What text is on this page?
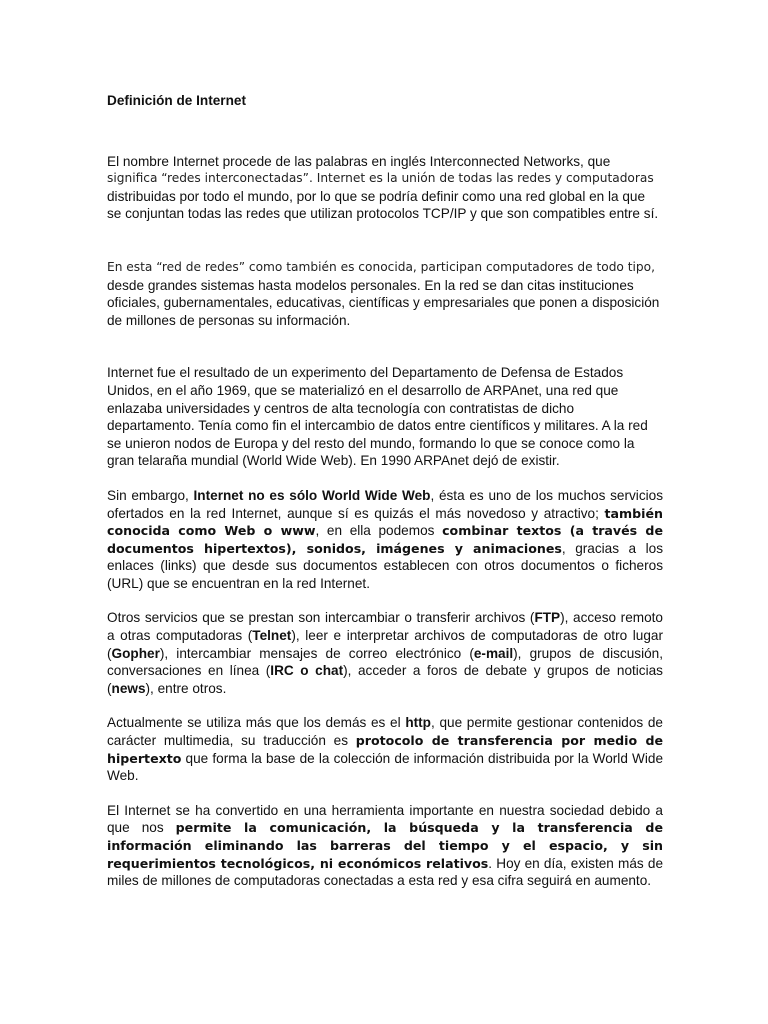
Definición de Internet

El nombre Internet procede de las palabras en inglés Interconnected Networks, que
significa “redes interconectadas”. Internet es la unión de todas las redes y computadoras
distribuidas por todo el mundo, por lo que se podría definir como una red global en la que se conjuntan todas las redes que utilizan protocolos TCP/IP y que son compatibles entre sí.

En esta “red de redes” como también es conocida, participan computadores de todo tipo,
desde grandes sistemas hasta modelos personales. En la red se dan citas instituciones oficiales, gubernamentales, educativas, científicas y empresariales que ponen a disposición de millones de personas su información.

Internet fue el resultado de un experimento del Departamento de Defensa de Estados Unidos, en el año 1969, que se materializó en el desarrollo de ARPAnet, una red que enlazaba universidades y centros de alta tecnología con contratistas de dicho departamento. Tenía como fin el intercambio de datos entre científicos y militares. A la red se unieron nodos de Europa y del resto del mundo, formando lo que se conoce como la gran telaraña mundial (World Wide Web). En 1990 ARPAnet dejó de existir.

Sin embargo, Internet no es sólo World Wide Web, ésta es uno de los muchos servicios ofertados en la red Internet, aunque sí es quizás el más novedoso y atractivo; también conocida como Web o www, en ella podemos combinar textos (a través de documentos hipertextos), sonidos, imágenes y animaciones, gracias a los enlaces (links) que desde sus documentos establecen con otros documentos o ficheros (URL) que se encuentran en la red Internet.

Otros servicios que se prestan son intercambiar o transferir archivos (FTP), acceso remoto a otras computadoras (Telnet), leer e interpretar archivos de computadoras de otro lugar (Gopher), intercambiar mensajes de correo electrónico (e-mail), grupos de discusión, conversaciones en línea (IRC o chat), acceder a foros de debate y grupos de noticias (news), entre otros.

Actualmente se utiliza más que los demás es el http, que permite gestionar contenidos de carácter multimedia, su traducción es protocolo de transferencia por medio de hipertexto que forma la base de la colección de información distribuida por la World Wide Web.

El Internet se ha convertido en una herramienta importante en nuestra sociedad debido a que nos permite la comunicación, la búsqueda y la transferencia de información eliminando las barreras del tiempo y el espacio, y sin requerimientos tecnológicos, ni económicos relativos. Hoy en día, existen más de miles de millones de computadoras conectadas a esta red y esa cifra seguirá en aumento.
